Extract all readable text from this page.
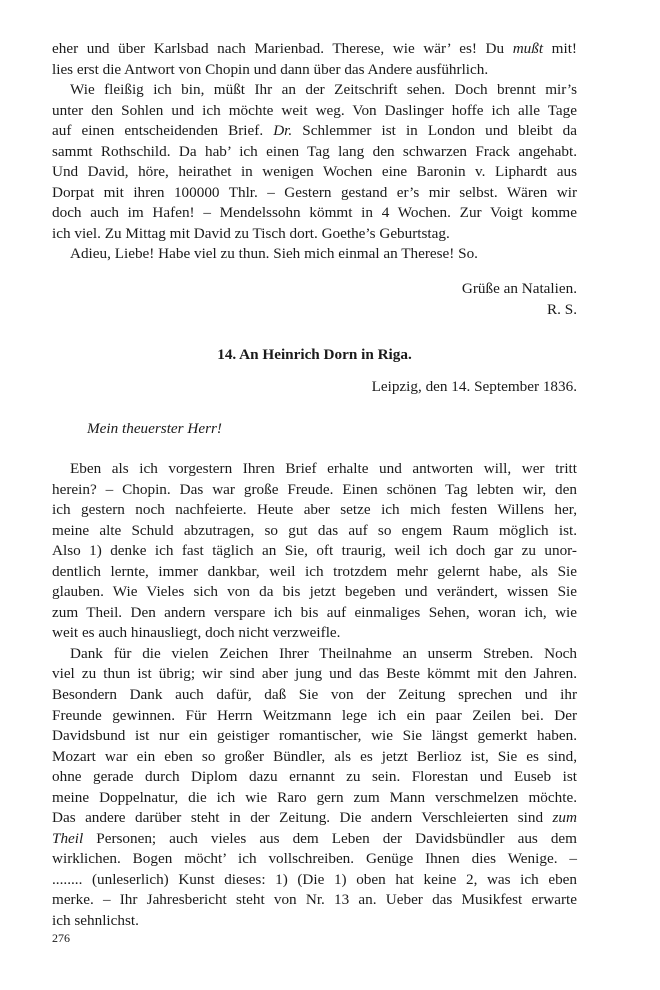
eher und über Karlsbad nach Marienbad. Therese, wie wär’ es! Du mußt mit!
lies erst die Antwort von Chopin und dann über das Andere ausführlich.
Wie fleißig ich bin, müßt Ihr an der Zeitschrift sehen. Doch brennt mir’s
unter den Sohlen und ich möchte weit weg. Von Daslinger hoffe ich alle Tage
auf einen entscheidenden Brief. Dr. Schlemmer ist in London und bleibt da
sammt Rothschild. Da hab’ ich einen Tag lang den schwarzen Frack angehabt.
Und David, höre, heirathet in wenigen Wochen eine Baronin v. Liphardt aus
Dorpat mit ihren 100000 Thlr. – Gestern gestand er’s mir selbst. Wären wir
doch auch im Hafen! – Mendelssohn kömmt in 4 Wochen. Zur Voigt komme
ich viel. Zu Mittag mit David zu Tisch dort. Goethe’s Geburtstag.
Adieu, Liebe! Habe viel zu thun. Sieh mich einmal an Therese! So.
Grüße an Natalien.
R. S.
14. An Heinrich Dorn in Riga.
Leipzig, den 14. September 1836.
Mein theuerster Herr!
Eben als ich vorgestern Ihren Brief erhalte und antworten will, wer tritt
herein? – Chopin. Das war große Freude. Einen schönen Tag lebten wir, den
ich gestern noch nachfeierte. Heute aber setze ich mich festen Willens her,
meine alte Schuld abzutragen, so gut das auf so engem Raum möglich ist.
Also 1) denke ich fast täglich an Sie, oft traurig, weil ich doch gar zu unor-
dentlich lernte, immer dankbar, weil ich trotzdem mehr gelernt habe, als Sie
glauben. Wie Vieles sich von da bis jetzt begeben und verändert, wissen Sie
zum Theil. Den andern verspare ich bis auf einmaliges Sehen, woran ich, wie
weit es auch hinausliegt, doch nicht verzweifle.
Dank für die vielen Zeichen Ihrer Theilnahme an unserm Streben. Noch
viel zu thun ist übrig; wir sind aber jung und das Beste kömmt mit den Jahren.
Besondern Dank auch dafür, daß Sie von der Zeitung sprechen und ihr
Freunde gewinnen. Für Herrn Weitzmann lege ich ein paar Zeilen bei. Der
Davidsbund ist nur ein geistiger romantischer, wie Sie längst gemerkt haben.
Mozart war ein eben so großer Bündler, als es jetzt Berlioz ist, Sie es sind,
ohne gerade durch Diplom dazu ernannt zu sein. Florestan und Euseb ist
meine Doppelnatur, die ich wie Raro gern zum Mann verschmelzen möchte.
Das andere darüber steht in der Zeitung. Die andern Verschleierten sind zum
Theil Personen; auch vieles aus dem Leben der Davidsbündler aus dem
wirklichen. Bogen möcht’ ich vollschreiben. Genüge Ihnen dies Wenige. –
........ (unleserlich) Kunst dieses: 1) (Die 1) oben hat keine 2, was ich eben
merke. – Ihr Jahresbericht steht von Nr. 13 an. Ueber das Musikfest erwarte
ich sehnlichst.
276
